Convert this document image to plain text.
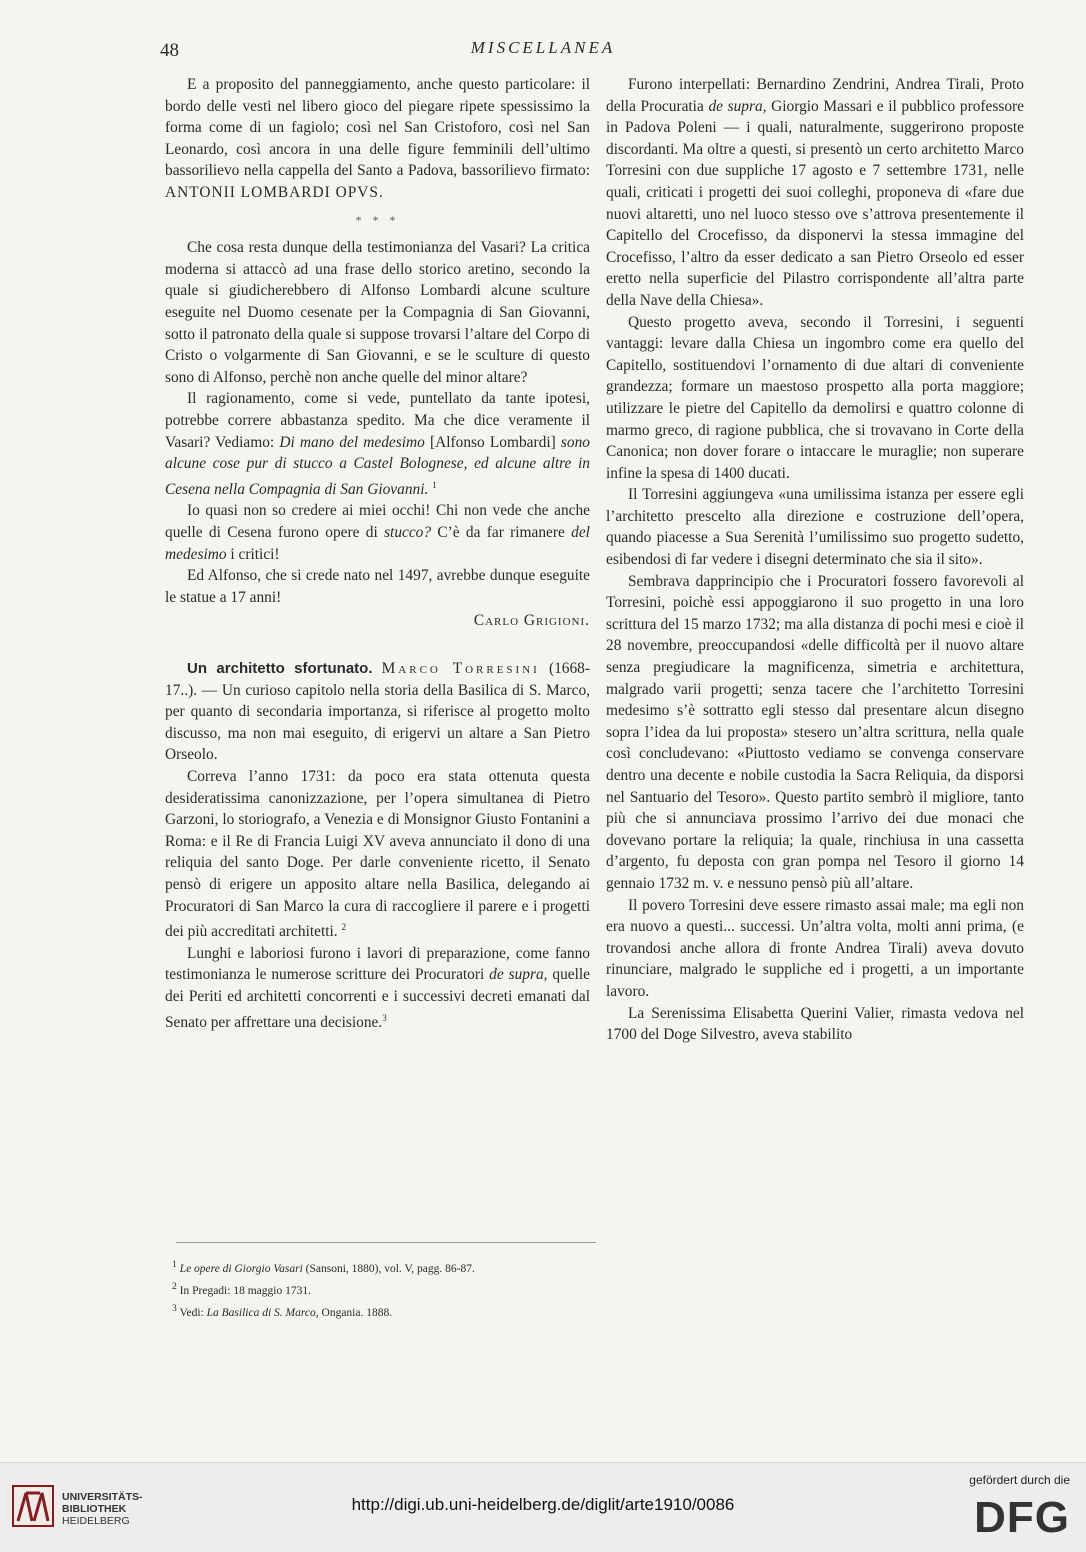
48	MISCELLANEA

E a proposito del panneggiamento, anche questo particolare: il bordo delle vesti nel libero gioco del piegare ripete spessissimo la forma come di un fagiolo; così nel San Cristoforo, così nel San Leonardo, così ancora in una delle figure femminili dell’ultimo bassorilievo nella cappella del Santo a Padova, bassorilievo firmato: ANTONII LOMBARDI OPVS.

* * *

Che cosa resta dunque della testimonianza del Vasari? La critica moderna si attaccò ad una frase dello storico aretino, secondo la quale si giudicherebbero di Alfonso Lombardi alcune sculture eseguite nel Duomo cesenate per la Compagnia di San Giovanni, sotto il patronato della quale si suppose trovarsi l’altare del Corpo di Cristo o volgarmente di San Giovanni, e se le sculture di questo sono di Alfonso, perchè non anche quelle del minor altare?

Il ragionamento, come si vede, puntellato da tante ipotesi, potrebbe correre abbastanza spedito. Ma che dice veramente il Vasari? Vediamo: Di mano del medesimo [Alfonso Lombardi] sono alcune cose pur di stucco a Castel Bolognese, ed alcune altre in Cesena nella Compagnia di San Giovanni. $^1$

Io quasi non so credere ai miei occhi! Chi non vede che anche quelle di Cesena furono opere di stucco? C’è da far rimanere del medesimo i critici!

Ed Alfonso, che si crede nato nel 1497, avrebbe dunque eseguite le statue a 17 anni!

Carlo Grigioni.

Un architetto sfortunato. Marco Torresini (1668-17..). — Un curioso capitolo nella storia della Basilica di S. Marco, per quanto di secondaria importanza, si riferisce al progetto molto discusso, ma non mai eseguito, di erigervi un altare a San Pietro Orseolo.

Correva l’anno 1731: da poco era stata ottenuta questa desideratissima canonizzazione, per l’opera simultanea di Pietro Garzoni, lo storiografo, a Venezia e di Monsignor Giusto Fontanini a Roma: e il Re di Francia Luigi XV aveva annunciato il dono di una reliquia del santo Doge. Per darle conveniente ricetto, il Senato pensò di erigere un apposito altare nella Basilica, delegando ai Procuratori di San Marco la cura di raccogliere il parere e i progetti dei più accreditati architetti. $^2$

Lunghi e laboriosi furono i lavori di preparazione, come fanno testimonianza le numerose scritture dei Procuratori de supra, quelle dei Periti ed architetti concorrenti e i successivi decreti emanati dal Senato per affrettare una decisione.$^3$

$^1$ Le opere di Giorgio Vasari (Sansoni, 1880), vol. V, pagg. 86-87.
$^2$ In Pregadi: 18 maggio 1731.
$^3$ Vedi: La Basilica di S. Marco, Ongania. 1888.

Furono interpellati: Bernardino Zendrini, Andrea Tirali, Proto della Procuratia de supra, Giorgio Massari e il pubblico professore in Padova Poleni — i quali, naturalmente, suggerirono proposte discordanti. Ma oltre a questi, si presentò un certo architetto Marco Torresini con due suppliche 17 agosto e 7 settembre 1731, nelle quali, criticati i progetti dei suoi colleghi, proponeva di «fare due nuovi altaretti, uno nel luoco stesso ove s’attrova presentemente il Capitello del Crocefisso, da disponervi la stessa immagine del Crocefisso, l’altro da esser dedicato a san Pietro Orseolo ed esser eretto nella superficie del Pilastro corrispondente all’altra parte della Nave della Chiesa».

Questo progetto aveva, secondo il Torresini, i seguenti vantaggi: levare dalla Chiesa un ingombro come era quello del Capitello, sostituendovi l’ornamento di due altari di conveniente grandezza; formare un maestoso prospetto alla porta maggiore; utilizzare le pietre del Capitello da demolirsi e quattro colonne di marmo greco, di ragione pubblica, che si trovavano in Corte della Canonica; non dover forare o intaccare le muraglie; non superare infine la spesa di 1400 ducati.

Il Torresini aggiungeva «una umilissima istanza per essere egli l’architetto prescelto alla direzione e costruzione dell’opera, quando piacesse a Sua Serenità l’umilissimo suo progetto sudetto, esibendosi di far vedere i disegni determinato che sia il sito».

Sembrava dapprincipio che i Procuratori fossero favorevoli al Torresini, poichè essi appoggiarono il suo progetto in una loro scrittura del 15 marzo 1732; ma alla distanza di pochi mesi e cioè il 28 novembre, preoccupandosi «delle difficoltà per il nuovo altare senza pregiudicare la magnificenza, simetria e architettura, malgrado varii progetti; senza tacere che l’architetto Torresini medesimo s’è sottratto egli stesso dal presentare alcun disegno sopra l’idea da lui proposta» stesero un’altra scrittura, nella quale così concludevano: «Piuttosto vediamo se convenga conservare dentro una decente e nobile custodia la Sacra Reliquia, da disporsi nel Santuario del Tesoro». Questo partito sembrò il migliore, tanto più che si annunciava prossimo l’arrivo dei due monaci che dovevano portare la reliquia; la quale, rinchiusa in una cassetta d’argento, fu deposta con gran pompa nel Tesoro il giorno 14 gennaio 1732 m. v. e nessuno pensò più all’altare.

Il povero Torresini deve essere rimasto assai male; ma egli non era nuovo a questi... successi. Un’altra volta, molti anni prima, (e trovandosi anche allora di fronte Andrea Tirali) aveva dovuto rinunciare, malgrado le suppliche ed i progetti, a un importante lavoro.

La Serenissima Elisabetta Querini Valier, rimasta vedova nel 1700 del Doge Silvestro, aveva stabilito

UNIVERSITÄTS-
BIBLIOTHEK
HEIDELBERG
http://digi.ub.uni-heidelberg.de/diglit/arte1910/0086
gefördert durch die
DFG
